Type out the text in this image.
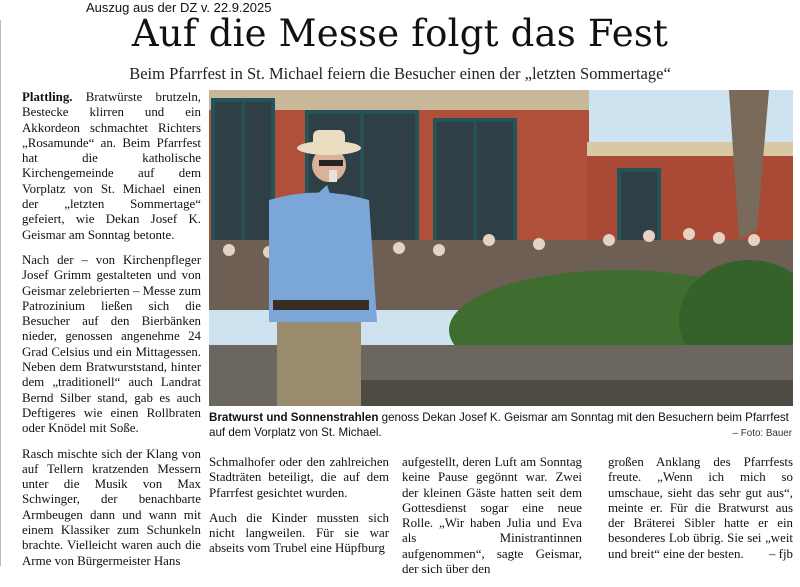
Auszug aus der DZ v. 22.9.2025
Auf die Messe folgt das Fest
Beim Pfarrfest in St. Michael feiern die Besucher einen der „letzten Sommertage“

Plattling. Bratwürste brutzeln, Bestecke klirren und ein Akkordeon schmachtet Richters „Rosamunde“ an. Beim Pfarrfest hat die katholische Kirchengemeinde auf dem Vorplatz von St. Michael einen der „letzten Sommertage“ gefeiert, wie Dekan Josef K. Geismar am Sonntag betonte.

Nach der – von Kirchenpfleger Josef Grimm gestalteten und von Geismar zelebrierten – Messe zum Patrozinium ließen sich die Besucher auf den Bierbänken nieder, genossen angenehme 24 Grad Celsius und ein Mittagessen. Neben dem Bratwurststand, hinter dem „traditionell“ auch Landrat Bernd Silber stand, gab es auch Deftigeres wie einen Rollbraten oder Knödel mit Soße.

Rasch mischte sich der Klang von auf Tellern kratzenden Messern unter die Musik von Max Schwinger, der benachbarte Armbeugen dann und wann mit einem Klassiker zum Schunkeln brachte. Vielleicht waren auch die Arme von Bürgermeister Hans

Bratwurst und Sonnenstrahlen genoss Dekan Josef K. Geismar am Sonntag mit den Besuchern beim Pfarrfest auf dem Vorplatz von St. Michael.	– Foto: Bauer

Schmalhofer oder den zahlreichen Stadträten beteiligt, die auf dem Pfarrfest gesichtet wurden.

Auch die Kinder mussten sich nicht langweilen. Für sie war abseits vom Trubel eine Hüpfburg

aufgestellt, deren Luft am Sonntag keine Pause gegönnt war. Zwei der kleinen Gäste hatten seit dem Gottesdienst sogar eine neue Rolle. „Wir haben Julia und Eva als Ministrantinnen aufgenommen“, sagte Geismar, der sich über den

großen Anklang des Pfarrfests freute. „Wenn ich mich so umschaue, sieht das sehr gut aus“, meinte er. Für die Bratwurst aus der Bräterei Sibler hatte er ein besonderes Lob übrig. Sie sei „weit und breit“ eine der besten. – fjb
